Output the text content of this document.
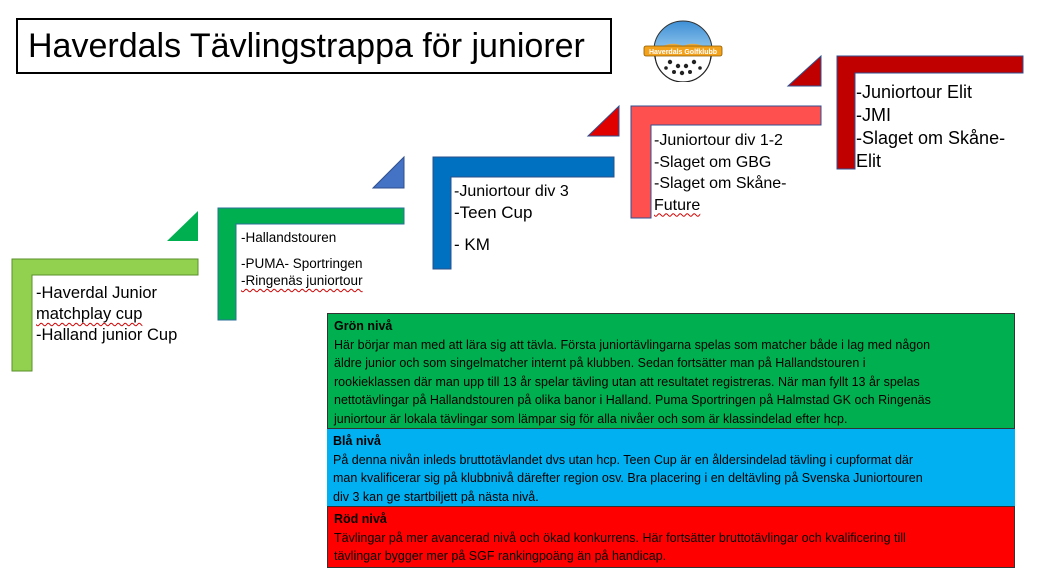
Haverdals Tävlingstrappa för juniorer	Haverdals Golfklubb
-Haverdal Junior
matchplay cup
-Halland junior Cup
-Hallandstouren
-PUMA- Sportringen
-Ringenäs juniortour
-Juniortour div 3
-Teen Cup
- KM
-Juniortour div 1-2
-Slaget om GBG
-Slaget om Skåne-
Future
-Juniortour Elit
-JMI
-Slaget om Skåne-
Elit
Grön nivå
Här börjar man med att lära sig att tävla. Första juniortävlingarna spelas som matcher både i lag med någon
äldre junior och som singelmatcher internt på klubben. Sedan fortsätter man på Hallandstouren i
rookieklassen där man upp till 13 år spelar tävling utan att resultatet registreras. När man fyllt 13 år spelas
nettotävlingar på Hallandstouren på olika banor i Halland. Puma Sportringen på Halmstad GK och Ringenäs
juniortour är lokala tävlingar som lämpar sig för alla nivåer och som är klassindelad efter hcp.
Blå nivå
På denna nivån inleds bruttotävlandet dvs utan hcp. Teen Cup är en åldersindelad tävling i cupformat där
man kvalificerar sig på klubbnivå därefter region osv. Bra placering i en deltävling på Svenska Juniortouren
div 3 kan ge startbiljett på nästa nivå.
Röd nivå
Tävlingar på mer avancerad nivå och ökad konkurrens. Här fortsätter bruttotävlingar och kvalificering till
tävlingar bygger mer på SGF rankingpoäng än på handicap.
